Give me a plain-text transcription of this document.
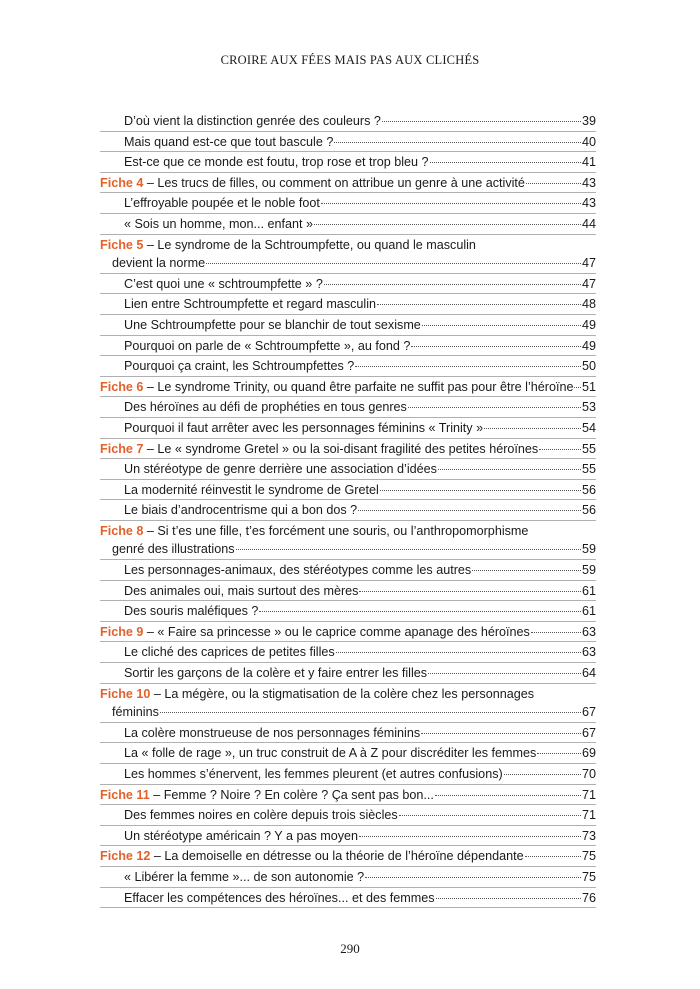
CROIRE AUX FÉES MAIS PAS AUX CLICHÉS
D’où vient la distinction genrée des couleurs ?	39
Mais quand est-ce que tout bascule ?	40
Est-ce que ce monde est foutu, trop rose et trop bleu ?	41
Fiche 4 – Les trucs de filles, ou comment on attribue un genre à une activité	43
L’effroyable poupée et le noble foot	43
« Sois un homme, mon... enfant »	44
Fiche 5 – Le syndrome de la Schtroumpfette, ou quand le masculin
devient la norme	47
C’est quoi une « schtroumpfette » ?	47
Lien entre Schtroumpfette et regard masculin	48
Une Schtroumpfette pour se blanchir de tout sexisme	49
Pourquoi on parle de « Schtroumpfette », au fond ?	49
Pourquoi ça craint, les Schtroumpfettes ?	50
Fiche 6 – Le syndrome Trinity, ou quand être parfaite ne suffit pas pour être l’héroïne 51
Des héroïnes au défi de prophéties en tous genres	53
Pourquoi il faut arrêter avec les personnages féminins « Trinity »	54
Fiche 7 – Le « syndrome Gretel » ou la soi-disant fragilité des petites héroïnes	55
Un stéréotype de genre derrière une association d’idées	55
La modernité réinvestit le syndrome de Gretel	56
Le biais d’androcentrisme qui a bon dos ?	56
Fiche 8 – Si t’es une fille, t’es forcément une souris, ou l’anthropomorphisme
genré des illustrations	59
Les personnages-animaux, des stéréotypes comme les autres	59
Des animales oui, mais surtout des mères	61
Des souris maléfiques ?	61
Fiche 9 – « Faire sa princesse » ou le caprice comme apanage des héroïnes	63
Le cliché des caprices de petites filles	63
Sortir les garçons de la colère et y faire entrer les filles	64
Fiche 10 – La mégère, ou la stigmatisation de la colère chez les personnages
féminins	67
La colère monstrueuse de nos personnages féminins	67
La « folle de rage », un truc construit de A à Z pour discréditer les femmes	69
Les hommes s’énervent, les femmes pleurent (et autres confusions)	70
Fiche 11 – Femme ? Noire ? En colère ? Ça sent pas bon...	71
Des femmes noires en colère depuis trois siècles	71
Un stéréotype américain ? Y a pas moyen	73
Fiche 12 – La demoiselle en détresse ou la théorie de l’héroïne dépendante	75
« Libérer la femme »... de son autonomie ?	75
Effacer les compétences des héroïnes... et des femmes	76
290
